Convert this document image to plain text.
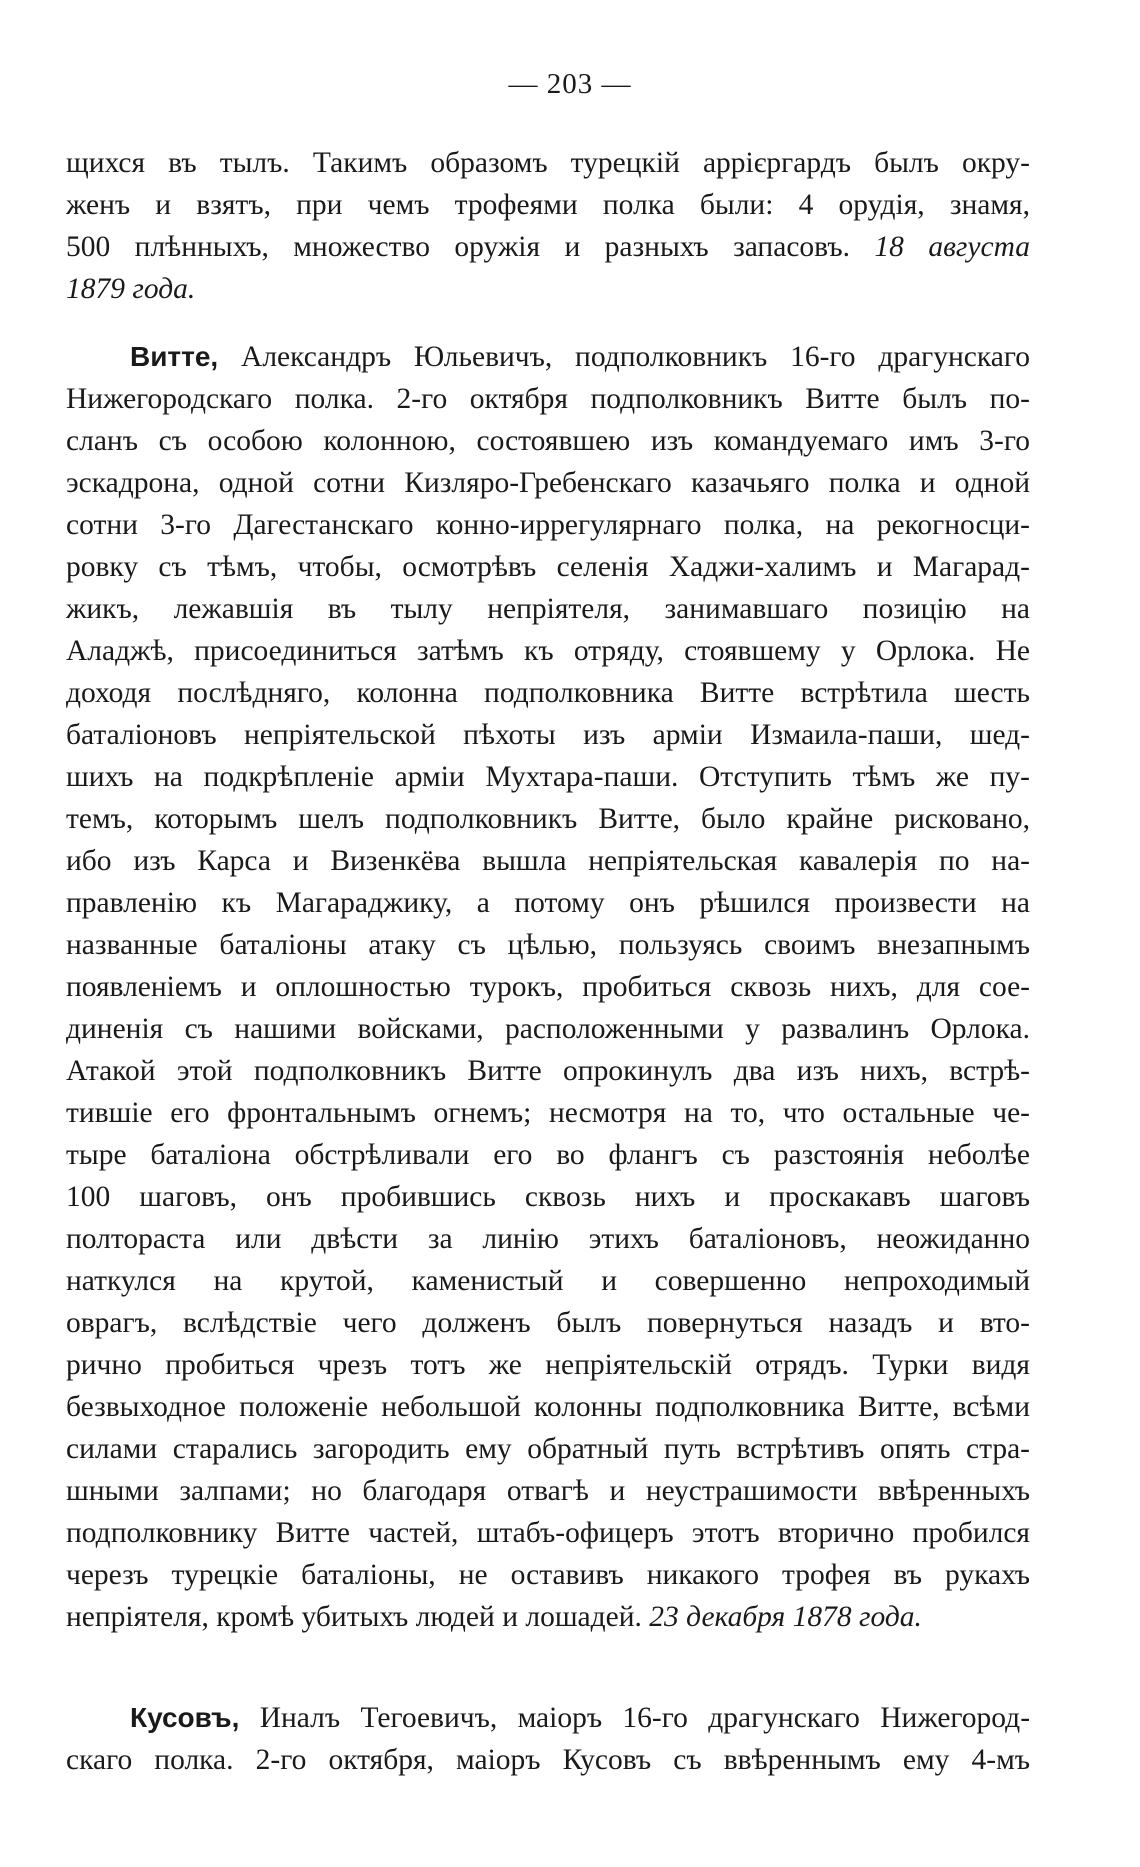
— 203 —
щихся въ тылъ. Такимъ образомъ турецкій аррієргардъ былъ окру-
женъ и взятъ, при чемъ трофеями полка были: 4 орудія, знамя,
500 плѣнныхъ, множество оружія и разныхъ запасовъ. 18 августа
1879 года.
Витте, Александръ Юльевичъ, подполковникъ 16-го драгунскаго
Нижегородскаго полка. 2-го октября подполковникъ Витте былъ по-
сланъ съ особою колонною, состоявшею изъ командуемаго имъ 3-го
эскадрона, одной сотни Кизляро-Гребенскаго казачьяго полка и одной
сотни 3-го Дагестанскаго конно-иррегулярнаго полка, на рекогносци-
ровку съ тѣмъ, чтобы, осмотрѣвъ селенія Хаджи-халимъ и Магарад-
жикъ, лежавшія въ тылу непріятеля, занимавшаго позицію на
Аладжѣ, присоединиться затѣмъ къ отряду, стоявшему у Орлока. Не
доходя послѣдняго, колонна подполковника Витте встрѣтила шесть
баталіоновъ непріятельской пѣхоты изъ арміи Измаила-паши, шед-
шихъ на подкрѣпленіе арміи Мухтара-паши. Отступить тѣмъ же пу-
темъ, которымъ шелъ подполковникъ Витте, было крайне рисковано,
ибо изъ Карса и Визенкёва вышла непріятельская кавалерія по на-
правленію къ Магараджику, а потому онъ рѣшился произвести на
названные баталіоны атаку съ цѣлью, пользуясь своимъ внезапнымъ
появленіемъ и оплошностью турокъ, пробиться сквозь нихъ, для сое-
диненія съ нашими войсками, расположенными у развалинъ Орлока.
Атакой этой подполковникъ Витте опрокинулъ два изъ нихъ, встрѣ-
тившіе его фронтальнымъ огнемъ; несмотря на то, что остальные че-
тыре баталіона обстрѣливали его во флангъ съ разстоянія неболѣе
100 шаговъ, онъ пробившись сквозь нихъ и проскакавъ шаговъ
полтораста или двѣсти за линію этихъ баталіоновъ, неожиданно
наткулся на крутой, каменистый и совершенно непроходимый
оврагъ, вслѣдствіе чего долженъ былъ повернуться назадъ и вто-
рично пробиться чрезъ тотъ же непріятельскій отрядъ. Турки видя
безвыходное положеніе небольшой колонны подполковника Витте, всѣми
силами старались загородить ему обратный путь встрѣтивъ опять стра-
шными залпами; но благодаря отвагѣ и неустрашимости ввѣренныхъ
подполковнику Витте частей, штабъ-офицеръ этотъ вторично пробился
черезъ турецкіе баталіоны, не оставивъ никакого трофея въ рукахъ
непріятеля, кромѣ убитыхъ людей и лошадей. 23 декабря 1878 года.
Кусовъ, Иналъ Тегоевичъ, маіоръ 16-го драгунскаго Нижегород-
скаго полка. 2-го октября, маіоръ Кусовъ съ ввѣреннымъ ему 4-мъ
